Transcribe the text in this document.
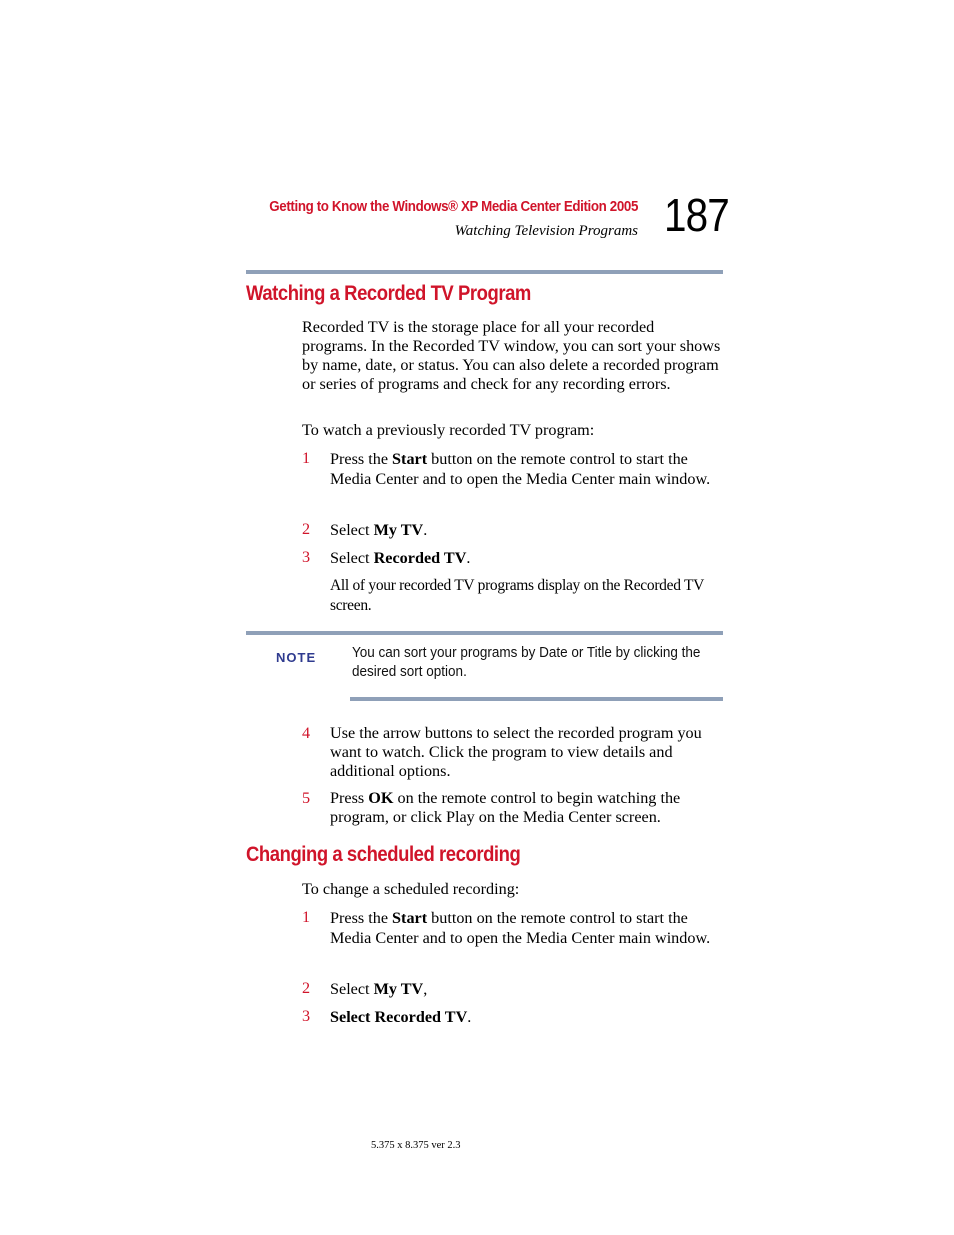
Getting to Know the Windows® XP Media Center Edition 2005
Watching Television Programs 187
Watching a Recorded TV Program
Recorded TV is the storage place for all your recorded programs. In the Recorded TV window, you can sort your shows by name, date, or status. You can also delete a recorded program or series of programs and check for any recording errors.
To watch a previously recorded TV program:
1 Press the Start button on the remote control to start the Media Center and to open the Media Center main window.
2 Select My TV.
3 Select Recorded TV.
All of your recorded TV programs display on the Recorded TV screen.
NOTE You can sort your programs by Date or Title by clicking the desired sort option.
4 Use the arrow buttons to select the recorded program you want to watch. Click the program to view details and additional options.
5 Press OK on the remote control to begin watching the program, or click Play on the Media Center screen.
Changing a scheduled recording
To change a scheduled recording:
1 Press the Start button on the remote control to start the Media Center and to open the Media Center main window.
2 Select My TV,
3 Select Recorded TV.
5.375 x 8.375 ver 2.3
